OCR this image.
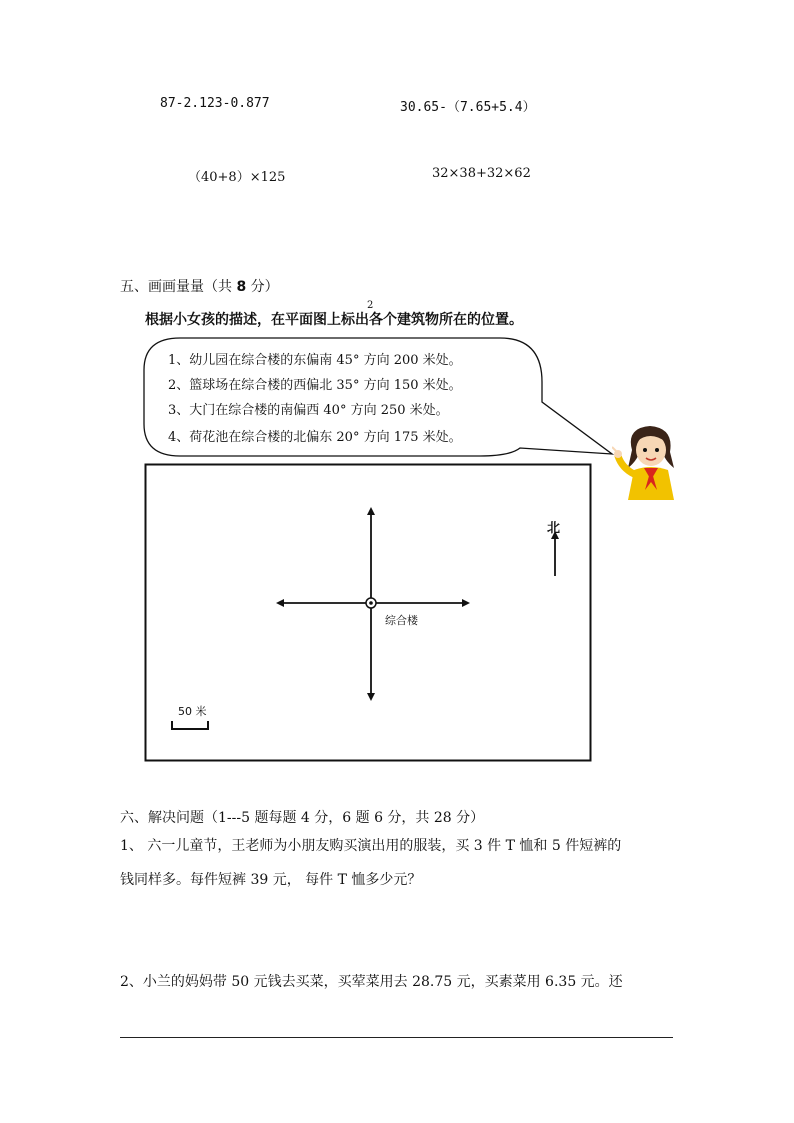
87-2.123-0.877	30.65-（7.65+5.4）
（40+8）×125	32×38+32×62
五、画画量量（共 8 分）
根据小女孩的描述，在平面图上标出各个建筑物所在的位置。
2
1、幼儿园在综合楼的东偏南 45° 方向 200 米处。
2、篮球场在综合楼的西偏北 35° 方向 150 米处。
3、大门在综合楼的南偏西 40° 方向 250 米处。
4、荷花池在综合楼的北偏东 20° 方向 175 米处。
北
综合楼
50 米
六、解决问题（1---5 题每题 4 分，6 题 6 分，共 28 分）
1、 六一儿童节，王老师为小朋友购买演出用的服装，买 3 件 T 恤和 5 件短裤的
钱同样多。每件短裤 39 元， 每件 T 恤多少元？
2、小兰的妈妈带 50 元钱去买菜，买荤菜用去 28.75 元，买素菜用 6.35 元。还
